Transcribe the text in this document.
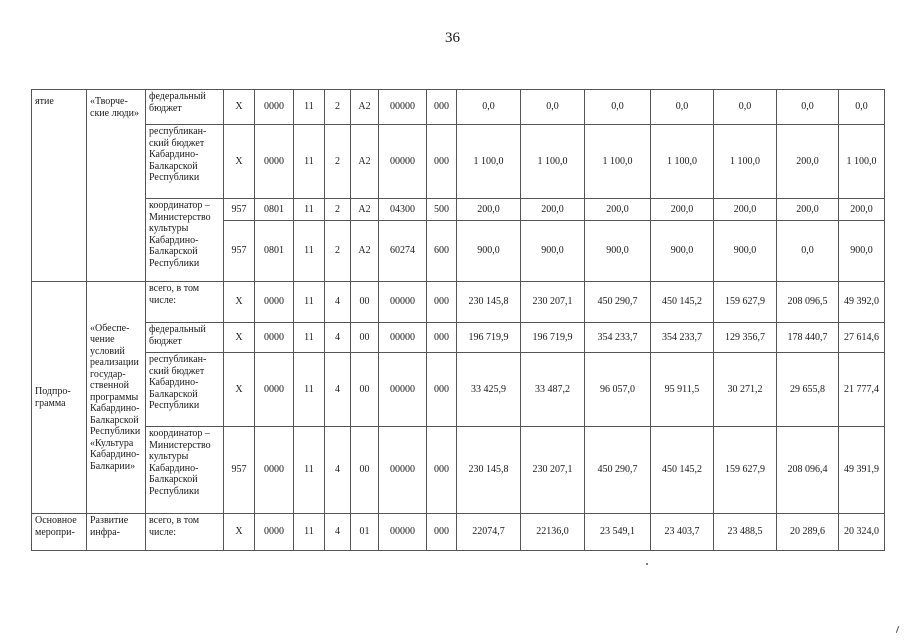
36
ятие	«Творче-ские люди»	федеральный бюджет	Х	0000	11	2	А2	00000	000	0,0	0,0	0,0	0,0	0,0	0,0	0,0
		республикан-ский бюджет Кабардино-Балкарской Республики	Х	0000	11	2	А2	00000	000	1 100,0	1 100,0	1 100,0	1 100,0	1 100,0	200,0	1 100,0
		координатор – Министерство культуры Кабардино-Балкарской Республики	957	0801	11	2	А2	04300	500	200,0	200,0	200,0	200,0	200,0	200,0	200,0
			957	0801	11	2	А2	60274	600	900,0	900,0	900,0	900,0	900,0	0,0	900,0
Подпро-грамма	«Обеспе-чение условий реализации государ-ственной программы Кабардино-Балкарской Республики «Культура Кабардино-Балкарии»	всего, в том числе:	Х	0000	11	4	00	00000	000	230 145,8	230 207,1	450 290,7	450 145,2	159 627,9	208 096,5	49 392,0
		федеральный бюджет	Х	0000	11	4	00	00000	000	196 719,9	196 719,9	354 233,7	354 233,7	129 356,7	178 440,7	27 614,6
		республикан-ский бюджет Кабардино-Балкарской Республики	Х	0000	11	4	00	00000	000	33 425,9	33 487,2	96 057,0	95 911,5	30 271,2	29 655,8	21 777,4
		координатор – Министерство культуры Кабардино-Балкарской Республики	957	0000	11	4	00	00000	000	230 145,8	230 207,1	450 290,7	450 145,2	159 627,9	208 096,4	49 391,9
Основное меропри-	Развитие инфра-	всего, в том числе:	Х	0000	11	4	01	00000	000	22074,7	22136,0	23 549,1	23 403,7	23 488,5	20 289,6	20 324,0
